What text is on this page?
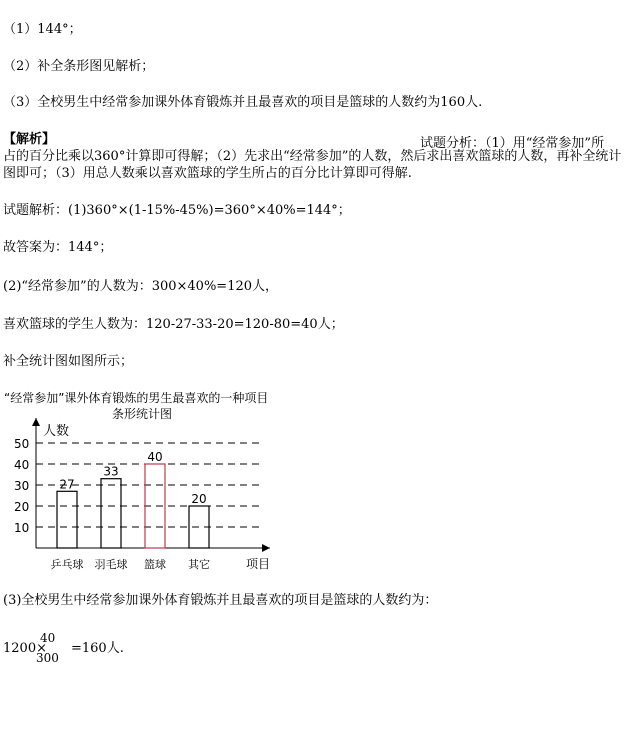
（1）144°；
（2）补全条形图见解析；
（3）全校男生中经常参加课外体育锻炼并且最喜欢的项目是篮球的人数约为160人.
【解析】	试题分析：（1）用“经常参加”所
占的百分比乘以360°计算即可得解；（2）先求出“经常参加”的人数，然后求出喜欢篮球的人数，再补全统计图即可；（3）用总人数乘以喜欢篮球的学生所占的百分比计算即可得解.
试题解析：(1)360°×(1-15%-45%)=360°×40%=144°；
故答案为：144°；
(2)“经常参加”的人数为：300×40%=120人，
喜欢篮球的学生人数为：120-27-33-20=120-80=40人；
补全统计图如图所示；
“经常参加”课外体育锻炼的男生最喜欢的一种项目
条形统计图
人数
项目
10
20
30
40
50
27
乒乓球
33
羽毛球
40
篮球
20
其它
(3)全校男生中经常参加课外体育锻炼并且最喜欢的项目是篮球的人数约为：
1200× =160人.
40
300
